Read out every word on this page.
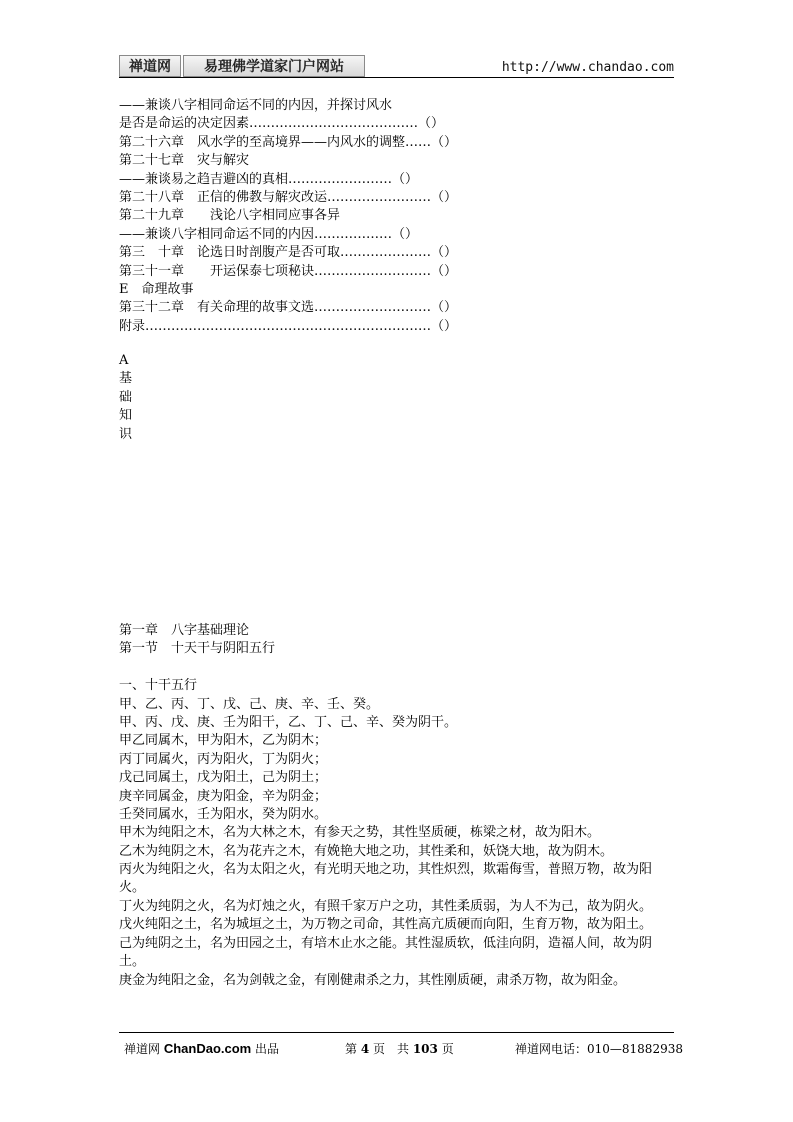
禅道网	易理佛学道家门户网站	http://www.chandao.com
——兼谈八字相同命运不同的内因，并探讨风水
是否是命运的决定因素…………………………………（）
第二十六章　风水学的至高境界——内风水的调整……（）
第二十七章　灾与解灾
——兼谈易之趋吉避凶的真相……………………（）
第二十八章　正信的佛教与解灾改运……………………（）
第二十九章　　浅论八字相同应事各异
——兼谈八字相同命运不同的内因………………（）
第三　十章　论选日时剖腹产是否可取…………………（）
第三十一章　　开运保泰七项秘诀………………………（）
E　命理故事
第三十二章　有关命理的故事文选………………………（）
附录…………………………………………………………（）
A
基
础
知
识
第一章　八字基础理论
第一节　十天干与阴阳五行
一、十干五行
甲、乙、丙、丁、戊、己、庚、辛、壬、癸。
甲、丙、戊、庚、壬为阳干，乙、丁、己、辛、癸为阴干。
甲乙同属木，甲为阳木，乙为阴木；
丙丁同属火，丙为阳火，丁为阴火；
戊己同属土，戊为阳土，己为阴土；
庚辛同属金，庚为阳金，辛为阴金；
壬癸同属水，壬为阳水，癸为阴水。
甲木为纯阳之木，名为大林之木，有参天之势，其性坚质硬，栋梁之材，故为阳木。
乙木为纯阴之木，名为花卉之木，有娩艳大地之功，其性柔和，妖饶大地，故为阴木。
丙火为纯阳之火，名为太阳之火，有光明天地之功，其性炽烈，欺霜侮雪，普照万物，故为阳火。
丁火为纯阴之火，名为灯烛之火，有照千家万户之功，其性柔质弱，为人不为己，故为阴火。
戊火纯阳之土，名为城垣之土，为万物之司命，其性高亢质硬而向阳，生育万物，故为阳土。
己为纯阴之土，名为田园之土，有培木止水之能。其性湿质软，低洼向阴，造福人间，故为阴土。
庚金为纯阳之金，名为剑戟之金，有刚健肃杀之力，其性刚质硬，肃杀万物，故为阳金。
禅道网 ChanDao.com 出品	第 4 页　共 103 页	禅道网电话：010—81882938
